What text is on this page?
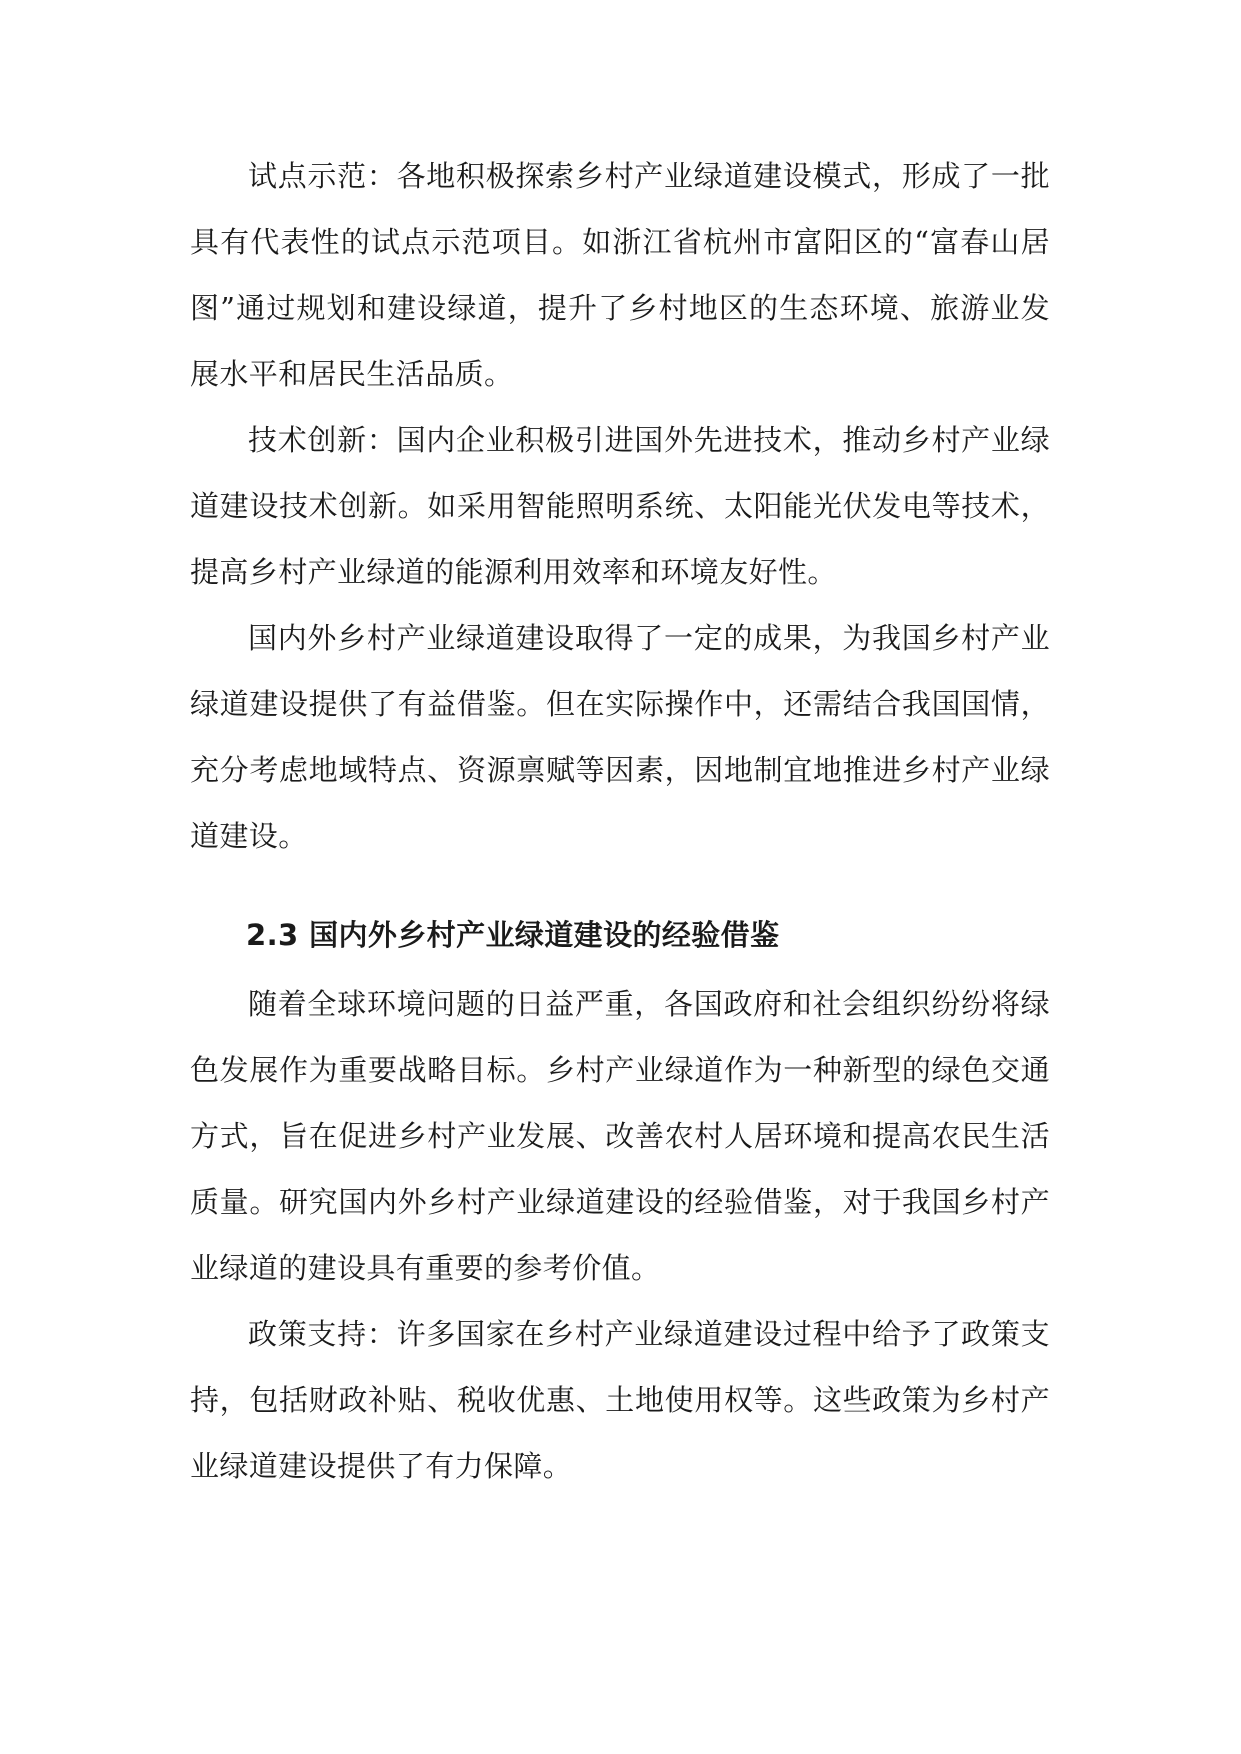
试点示范：各地积极探索乡村产业绿道建设模式，形成了一批具有代表性的试点示范项目。如浙江省杭州市富阳区的“富春山居图”通过规划和建设绿道，提升了乡村地区的生态环境、旅游业发展水平和居民生活品质。

技术创新：国内企业积极引进国外先进技术，推动乡村产业绿道建设技术创新。如采用智能照明系统、太阳能光伏发电等技术，提高乡村产业绿道的能源利用效率和环境友好性。

国内外乡村产业绿道建设取得了一定的成果，为我国乡村产业绿道建设提供了有益借鉴。但在实际操作中，还需结合我国国情，充分考虑地域特点、资源禀赋等因素，因地制宜地推进乡村产业绿道建设。

2.3 国内外乡村产业绿道建设的经验借鉴

随着全球环境问题的日益严重，各国政府和社会组织纷纷将绿色发展作为重要战略目标。乡村产业绿道作为一种新型的绿色交通方式，旨在促进乡村产业发展、改善农村人居环境和提高农民生活质量。研究国内外乡村产业绿道建设的经验借鉴，对于我国乡村产业绿道的建设具有重要的参考价值。

政策支持：许多国家在乡村产业绿道建设过程中给予了政策支持，包括财政补贴、税收优惠、土地使用权等。这些政策为乡村产业绿道建设提供了有力保障。
